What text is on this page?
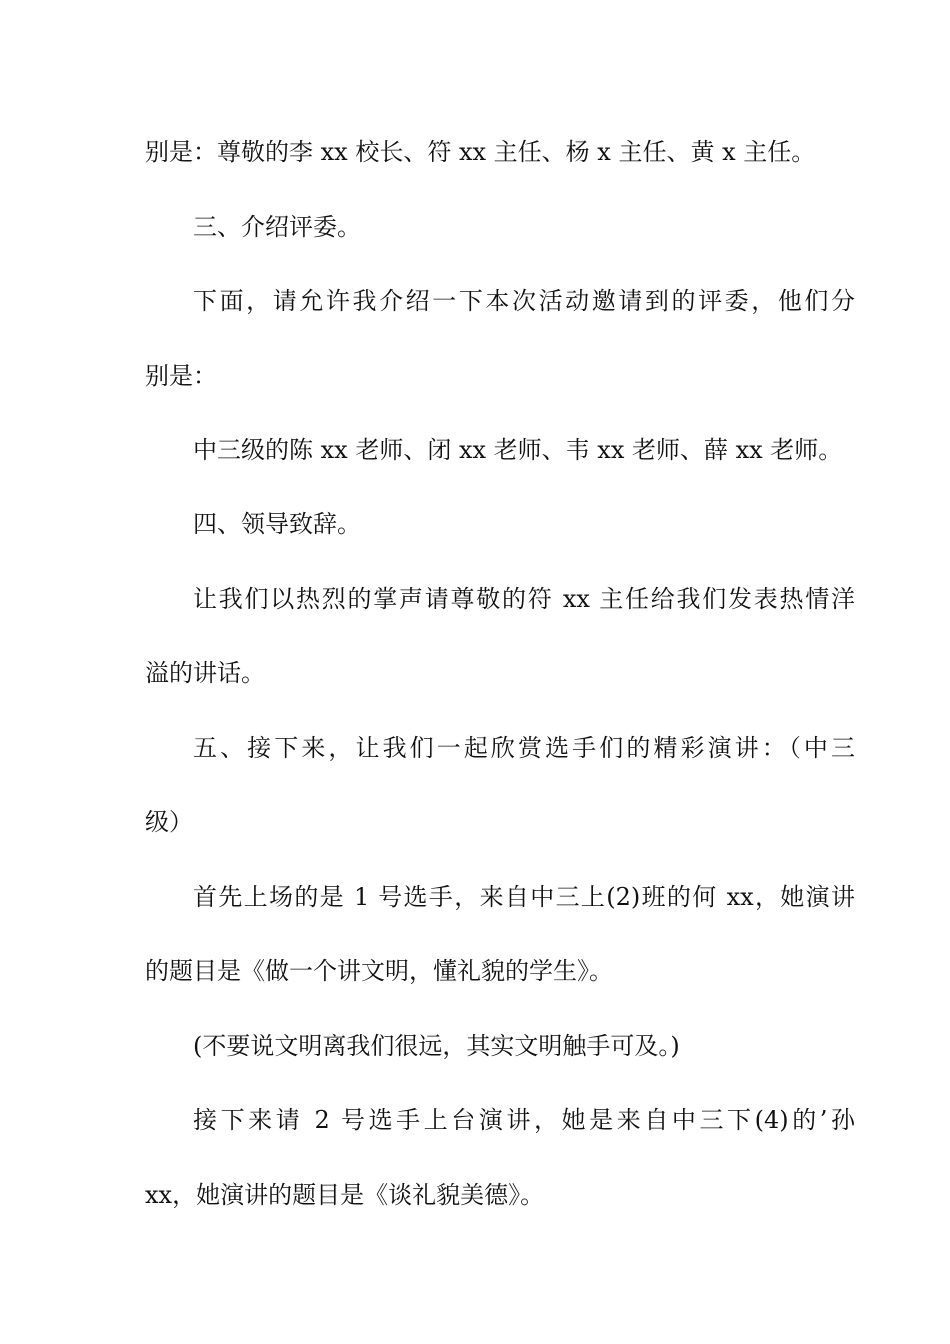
别是：尊敬的李 xx 校长、符 xx 主任、杨 x 主任、黄 x 主任。

三、介绍评委。

下面，请允许我介绍一下本次活动邀请到的评委，他们分

别是：

中三级的陈 xx 老师、闭 xx 老师、韦 xx 老师、薛 xx 老师。

四、领导致辞。

让我们以热烈的掌声请尊敬的符 xx 主任给我们发表热情洋

溢的讲话。

五、接下来，让我们一起欣赏选手们的精彩演讲：（中三

级）

首先上场的是 1 号选手，来自中三上(2)班的何 xx，她演讲

的题目是《做一个讲文明，懂礼貌的学生》。

(不要说文明离我们很远，其实文明触手可及。)

接下来请 2 号选手上台演讲，她是来自中三下(4)的’孙

xx，她演讲的题目是《谈礼貌美德》。
